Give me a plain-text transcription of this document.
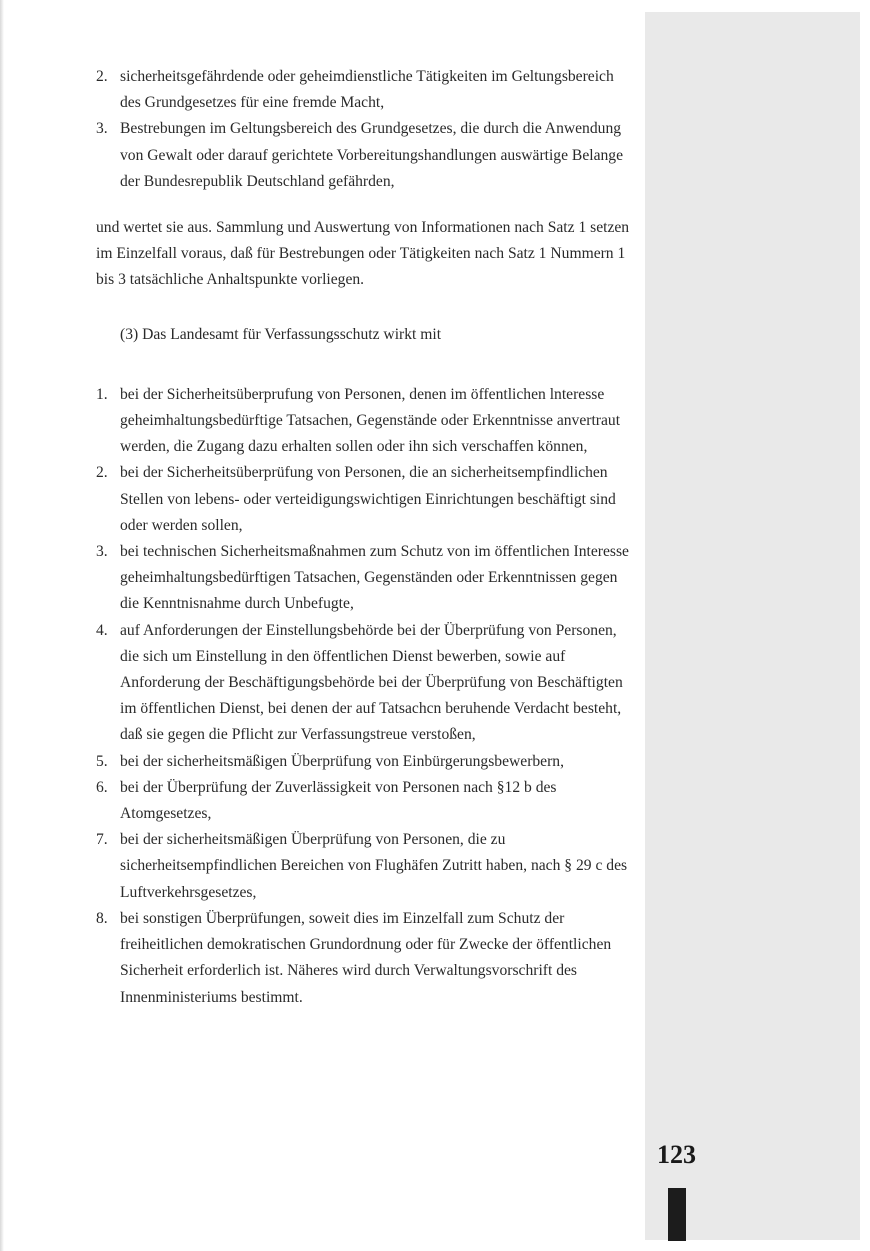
2. sicherheitsgefährdende oder geheimdienstliche Tätigkeiten im Geltungsbereich des Grundgesetzes für eine fremde Macht,
3. Bestrebungen im Geltungsbereich des Grundgesetzes, die durch die Anwendung von Gewalt oder darauf gerichtete Vorbereitungshandlungen auswärtige Belange der Bundesrepublik Deutschland gefährden,

und wertet sie aus. Sammlung und Auswertung von Informationen nach Satz 1 setzen im Einzelfall voraus, daß für Bestrebungen oder Tätigkeiten nach Satz 1 Nummern 1 bis 3 tatsächliche Anhaltspunkte vorliegen.

(3) Das Landesamt für Verfassungsschutz wirkt mit

1. bei der Sicherheitsüberprufung von Personen, denen im öffentlichen lnteresse geheimhaltungsbedürftige Tatsachen, Gegenstände oder Erkenntnisse anvertraut werden, die Zugang dazu erhalten sollen oder ihn sich verschaffen können,
2. bei der Sicherheitsüberprüfung von Personen, die an sicherheitsempfindlichen Stellen von lebens- oder verteidigungswichtigen Einrichtungen beschäftigt sind oder werden sollen,
3. bei technischen Sicherheitsmaßnahmen zum Schutz von im öffentlichen Interesse geheimhaltungsbedürftigen Tatsachen, Gegenständen oder Erkenntnissen gegen die Kenntnisnahme durch Unbefugte,
4. auf Anforderungen der Einstellungsbehörde bei der Überprüfung von Personen, die sich um Einstellung in den öffentlichen Dienst bewerben, sowie auf Anforderung der Beschäftigungsbehörde bei der Überprüfung von Beschäftigten im öffentlichen Dienst, bei denen der auf Tatsachcn beruhende Verdacht besteht, daß sie gegen die Pflicht zur Verfassungstreue verstoßen,
5. bei der sicherheitsmäßigen Überprüfung von Einbürgerungsbewerbern,
6. bei der Überprüfung der Zuverlässigkeit von Personen nach §12 b des Atomgesetzes,
7. bei der sicherheitsmäßigen Überprüfung von Personen, die zu sicherheitsempfindlichen Bereichen von Flughäfen Zutritt haben, nach § 29 c des Luftverkehrsgesetzes,
8. bei sonstigen Überprüfungen, soweit dies im Einzelfall zum Schutz der freiheitlichen demokratischen Grundordnung oder für Zwecke der öffentlichen Sicherheit erforderlich ist. Näheres wird durch Verwaltungsvorschrift des Innenministeriums bestimmt.
123
